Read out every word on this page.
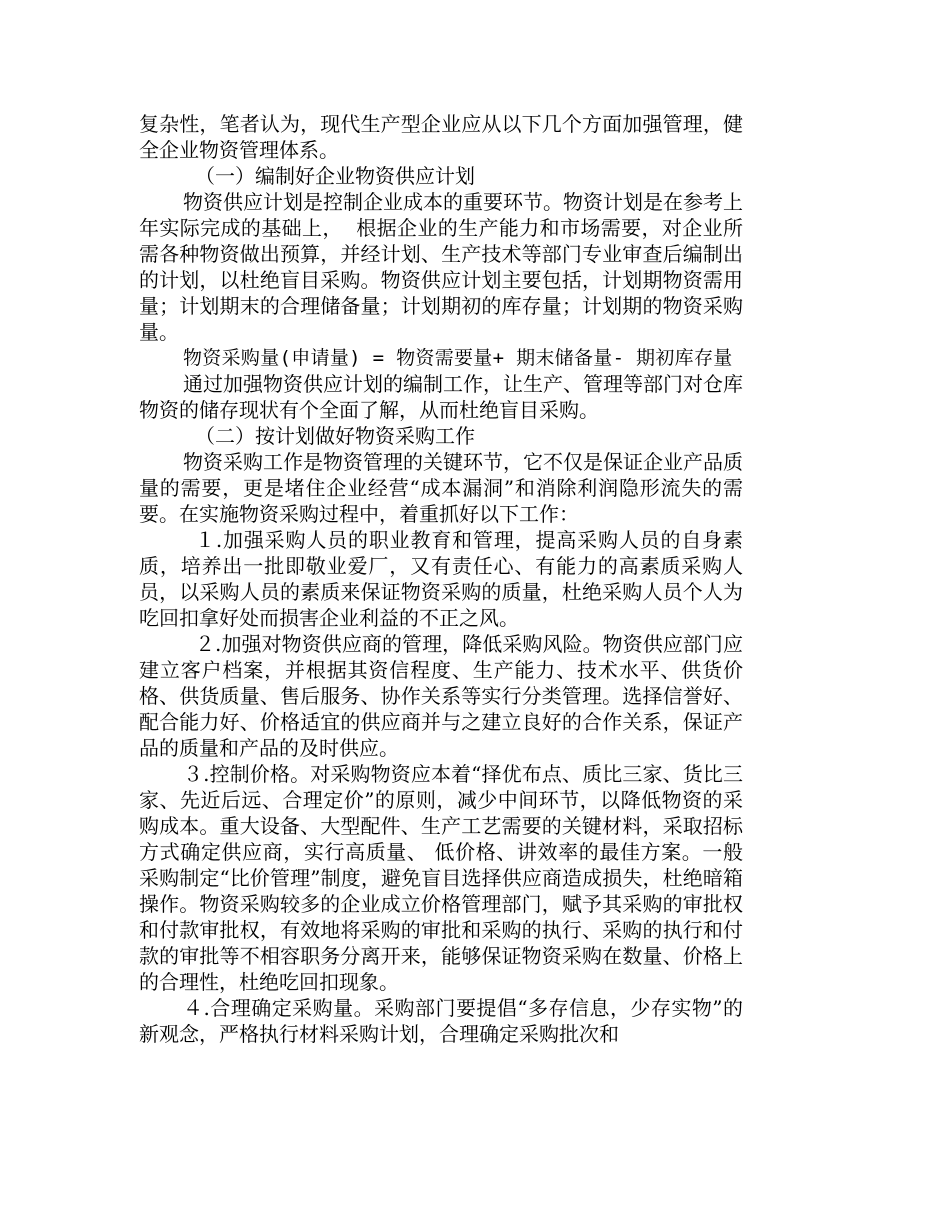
复杂性，笔者认为，现代生产型企业应从以下几个方面加强管理，健全企业物资管理体系。

（一）编制好企业物资供应计划

物资供应计划是控制企业成本的重要环节。物资计划是在参考上年实际完成的基础上，  根据企业的生产能力和市场需要，对企业所需各种物资做出预算，并经计划、生产技术等部门专业审查后编制出的计划，以杜绝盲目采购。物资供应计划主要包括，计划期物资需用量；计划期末的合理储备量；计划期初的库存量；计划期的物资采购量。

物资采购量(申请量) = 物资需要量+ 期末储备量- 期初库存量

通过加强物资供应计划的编制工作，让生产、管理等部门对仓库物资的储存现状有个全面了解，从而杜绝盲目采购。

（二）按计划做好物资采购工作

物资采购工作是物资管理的关键环节，它不仅是保证企业产品质量的需要，更是堵住企业经营“成本漏洞”和消除利润隐形流失的需要。在实施物资采购过程中，着重抓好以下工作：

１.加强采购人员的职业教育和管理，提高采购人员的自身素质，培养出一批即敬业爱厂，又有责任心、有能力的高素质采购人员，以采购人员的素质来保证物资采购的质量，杜绝采购人员个人为吃回扣拿好处而损害企业利益的不正之风。

２.加强对物资供应商的管理，降低采购风险。物资供应部门应建立客户档案，并根据其资信程度、生产能力、技术水平、供货价格、供货质量、售后服务、协作关系等实行分类管理。选择信誉好、配合能力好、价格适宜的供应商并与之建立良好的合作关系，保证产品的质量和产品的及时供应。

３.控制价格。对采购物资应本着“择优布点、质比三家、货比三家、先近后远、合理定价”的原则，减少中间环节，以降低物资的采购成本。重大设备、大型配件、生产工艺需要的关键材料，采取招标方式确定供应商，实行高质量、 低价格、讲效率的最佳方案。一般采购制定“比价管理”制度，避免盲目选择供应商造成损失，杜绝暗箱操作。物资采购较多的企业成立价格管理部门，赋予其采购的审批权和付款审批权，有效地将采购的审批和采购的执行、采购的执行和付款的审批等不相容职务分离开来，能够保证物资采购在数量、价格上的合理性，杜绝吃回扣现象。

４.合理确定采购量。采购部门要提倡“多存信息，少存实物”的新观念，严格执行材料采购计划，合理确定采购批次和
